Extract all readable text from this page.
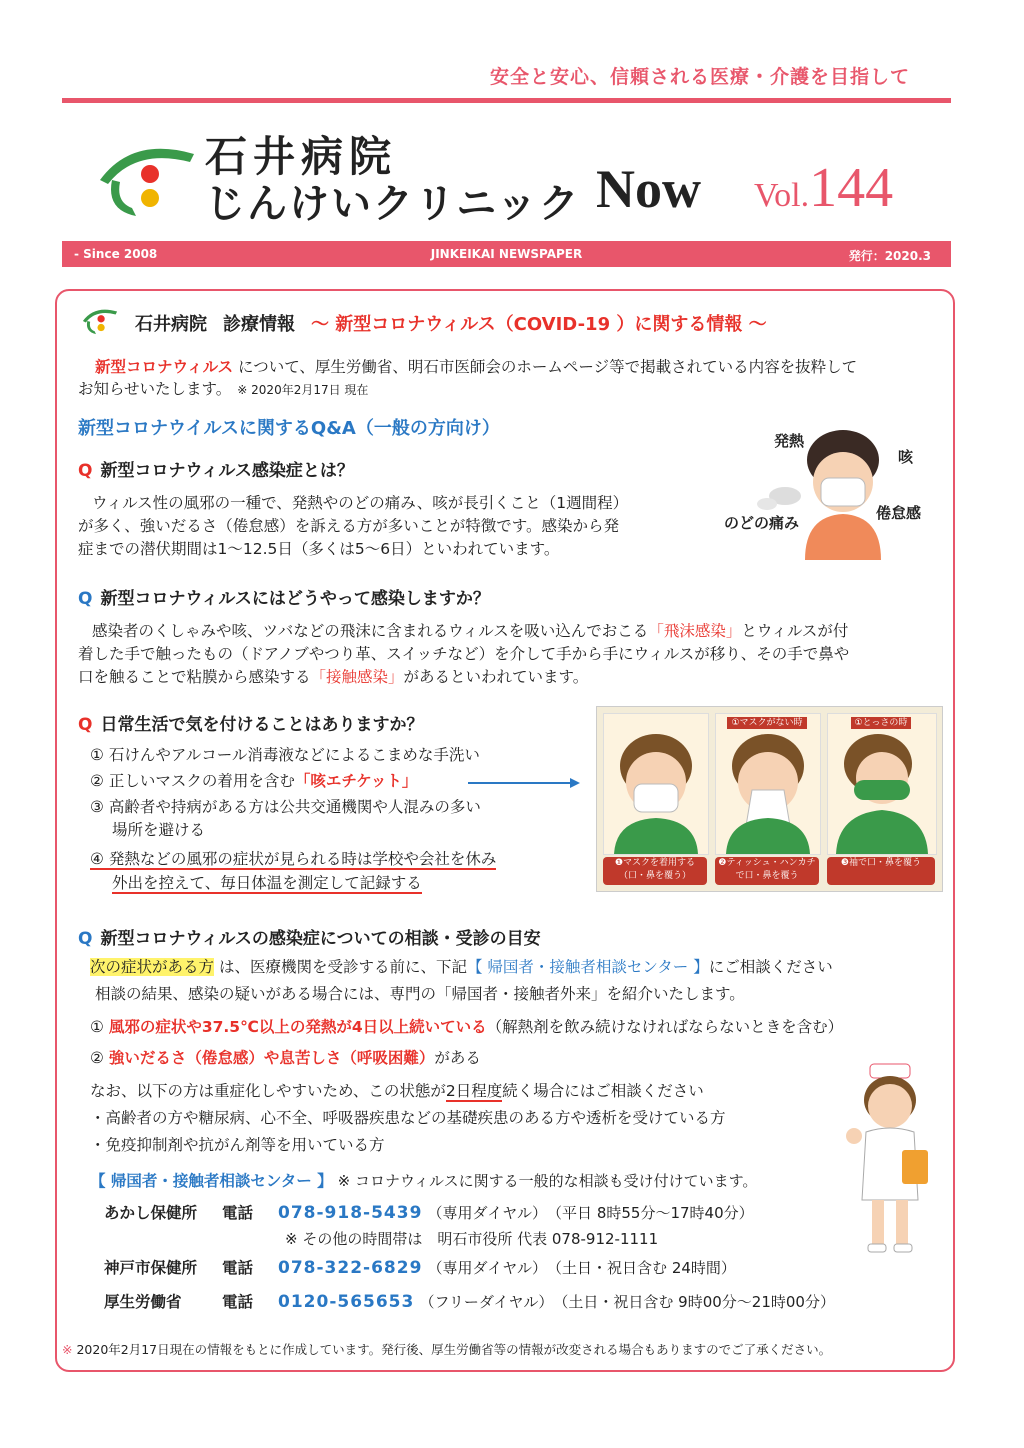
安全と安心、信頼される医療・介護を目指して
石井病院
じんけいクリニック Now Vol.144
- Since 2008	JINKEIKAI NEWSPAPER	発行：2020.3
石井病院 診療情報 ～ 新型コロナウィルス（COVID-19 ）に関する情報 ～
新型コロナウィルス について、厚生労働省、明石市医師会のホームページ等で掲載されている内容を抜粋して
お知らせいたします。 ※ 2020年2月17日 現在
新型コロナウイルスに関するQ&A（一般の方向け）
Q 新型コロナウィルス感染症とは？
ウィルス性の風邪の一種で、発熱やのどの痛み、咳が長引くこと（1週間程）
が多く、強いだるさ（倦怠感）を訴える方が多いことが特徴です。感染から発
症までの潜伏期間は1～12.5日（多くは5～6日）といわれています。
発熱
咳
のどの痛み
倦怠感
Q 新型コロナウィルスにはどうやって感染しますか？
感染者のくしゃみや咳、ツバなどの飛沫に含まれるウィルスを吸い込んでおこる「飛沫感染」とウィルスが付
着した手で触ったもの（ドアノブやつり革、スイッチなど）を介して手から手にウィルスが移り、その手で鼻や
口を触ることで粘膜から感染する「接触感染」があるといわれています。
Q 日常生活で気を付けることはありますか？
① 石けんやアルコール消毒液などによるこまめな手洗い
② 正しいマスクの着用を含む「咳エチケット」
③ 高齢者や持病がある方は公共交通機関や人混みの多い
場所を避ける
④ 発熱などの風邪の症状が見られる時は学校や会社を休み
外出を控えて、毎日体温を測定して記録する
①マスクがない時	①とっさの時
❶マスクを着用する（口・鼻を覆う）
❷ティッシュ・ハンカチで口・鼻を覆う
❸袖で口・鼻を覆う
Q 新型コロナウィルスの感染症についての相談・受診の目安
次の症状がある方 は、医療機関を受診する前に、下記【 帰国者・接触者相談センター 】にご相談ください
相談の結果、感染の疑いがある場合には、専門の「帰国者・接触者外来」を紹介いたします。
① 風邪の症状や37.5℃以上の発熱が4日以上続いている（解熱剤を飲み続けなければならないときを含む）
② 強いだるさ（倦怠感）や息苦しさ（呼吸困難）がある
なお、以下の方は重症化しやすいため、この状態が2日程度続く場合にはご相談ください
・高齢者の方や糖尿病、心不全、呼吸器疾患などの基礎疾患のある方や透析を受けている方
・免疫抑制剤や抗がん剤等を用いている方
【 帰国者・接触者相談センター 】 ※ コロナウィルスに関する一般的な相談も受け付けています。
あかし保健所 電話 078-918-5439 （専用ダイヤル）　（平日 8時55分～17時40分）
※ その他の時間帯は　明石市役所 代表 078-912-1111
神戸市保健所 電話 078-322-6829 （専用ダイヤル）　（土日・祝日含む 24時間）
厚生労働省	電話 0120-565653 （フリーダイヤル）　（土日・祝日含む 9時00分～21時00分）
※ 2020年2月17日現在の情報をもとに作成しています。発行後、厚生労働省等の情報が改変される場合もありますのでご了承ください。
